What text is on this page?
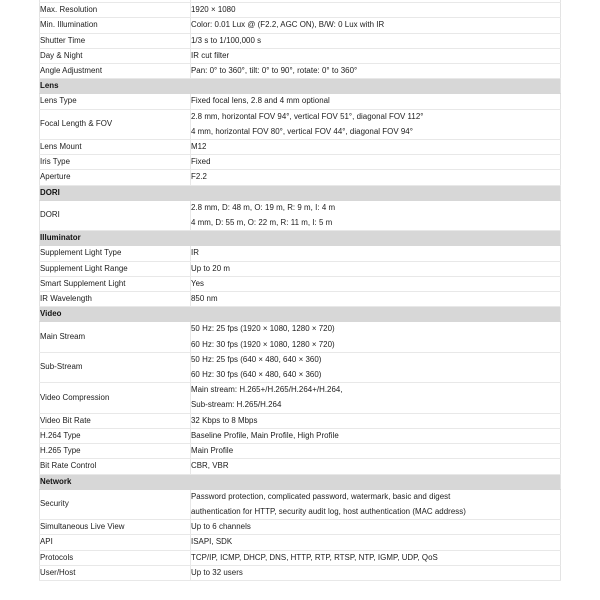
Max. Resolution	1920 × 1080

Min. Illumination	Color: 0.01 Lux @ (F2.2, AGC ON), B/W: 0 Lux with IR

Shutter Time	1/3 s to 1/100,000 s

Day & Night	IR cut filter

Angle Adjustment	Pan: 0° to 360°, tilt: 0° to 90°, rotate: 0° to 360°

Lens	
Lens Type	Fixed focal lens, 2.8 and 4 mm optional

Focal Length & FOV	2.8 mm, horizontal FOV 94°, vertical FOV 51°, diagonal FOV 112°
4 mm, horizontal FOV 80°, vertical FOV 44°, diagonal FOV 94°

Lens Mount	M12

Iris Type	Fixed

Aperture	F2.2

DORI	
DORI	2.8 mm, D: 48 m, O: 19 m, R: 9 m, I: 4 m
4 mm, D: 55 m, O: 22 m, R: 11 m, I: 5 m

Illuminator	
Supplement Light Type	IR

Supplement Light Range	Up to 20 m

Smart Supplement Light	Yes

IR Wavelength	850 nm

Video	
Main Stream	50 Hz: 25 fps (1920 × 1080, 1280 × 720)
60 Hz: 30 fps (1920 × 1080, 1280 × 720)

Sub-Stream	50 Hz: 25 fps (640 × 480, 640 × 360)
60 Hz: 30 fps (640 × 480, 640 × 360)

Video Compression	Main stream: H.265+/H.265/H.264+/H.264,
Sub-stream: H.265/H.264

Video Bit Rate	32 Kbps to 8 Mbps

H.264 Type	Baseline Profile, Main Profile, High Profile

H.265 Type	Main Profile

Bit Rate Control	CBR, VBR

Network	
Security	Password protection, complicated password, watermark, basic and digest
authentication for HTTP, security audit log, host authentication (MAC address)

Simultaneous Live View	Up to 6 channels

API	ISAPI, SDK

Protocols	TCP/IP, ICMP, DHCP, DNS, HTTP, RTP, RTSP, NTP, IGMP, UDP, QoS

User/Host	Up to 32 users
